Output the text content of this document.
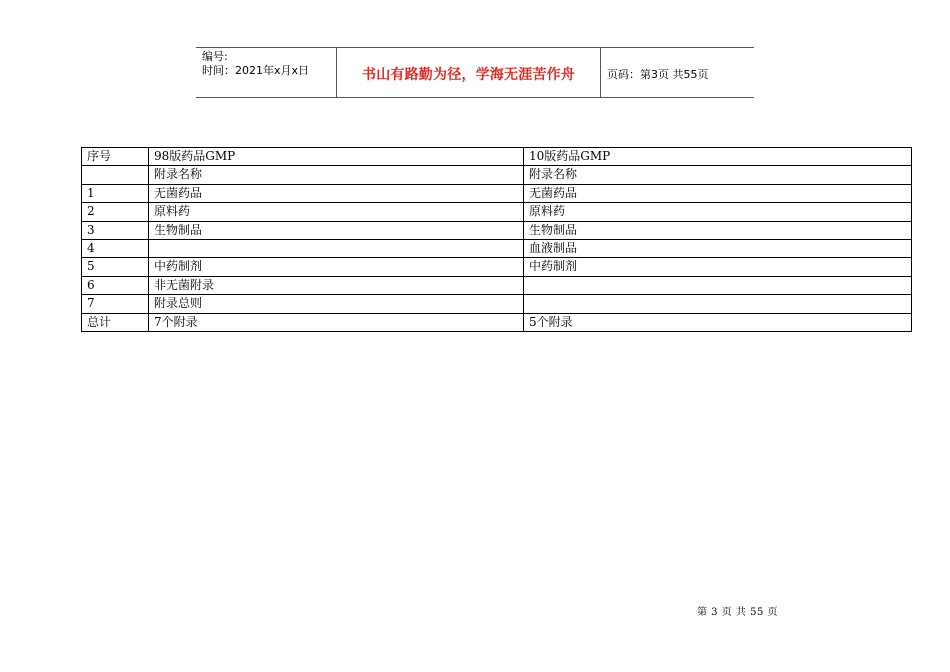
编号:
时间：2021年x月x日	书山有路勤为径，学海无涯苦作舟	页码：第3页 共55页
序号	98版药品GMP	10版药品GMP
	附录名称	附录名称
1	无菌药品	无菌药品
2	原料药	原料药
3	生物制品	生物制品
4		血液制品
5	中药制剂	中药制剂
6	非无菌附录	
7	附录总则	
总计	7个附录	5个附录
第 3 页 共 55 页
